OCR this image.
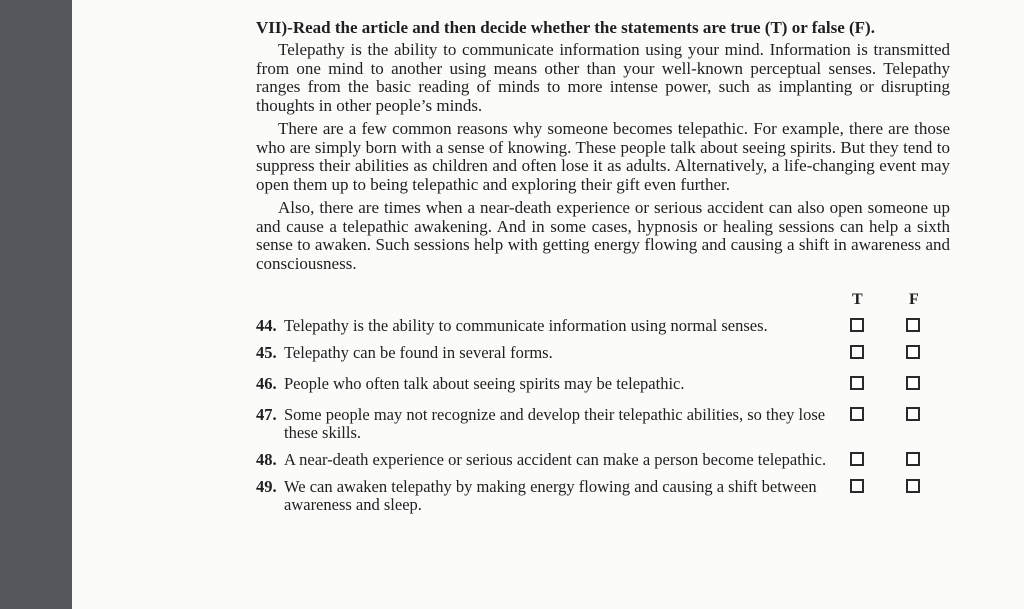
VII)-Read the article and then decide whether the statements are true (T) or false (F).

Telepathy is the ability to communicate information using your mind. Information is transmitted from one mind to another using means other than your well-known perceptual senses. Telepathy ranges from the basic reading of minds to more intense power, such as implanting or disrupting thoughts in other people’s minds.

There are a few common reasons why someone becomes telepathic. For example, there are those who are simply born with a sense of knowing. These people talk about seeing spirits. But they tend to suppress their abilities as children and often lose it as adults. Alternatively, a life-changing event may open them up to being telepathic and exploring their gift even further.

Also, there are times when a near-death experience or serious accident can also open someone up and cause a telepathic awakening. And in some cases, hypnosis or healing sessions can help a sixth sense to awaken. Such sessions help with getting energy flowing and causing a shift in awareness and consciousness.

T	F
44. Telepathy is the ability to communicate information using normal senses.
45. Telepathy can be found in several forms.
46. People who often talk about seeing spirits may be telepathic.
47. Some people may not recognize and develop their telepathic abilities, so they lose these skills.
48. A near-death experience or serious accident can make a person become telepathic.
49. We can awaken telepathy by making energy flowing and causing a shift between awareness and sleep.
